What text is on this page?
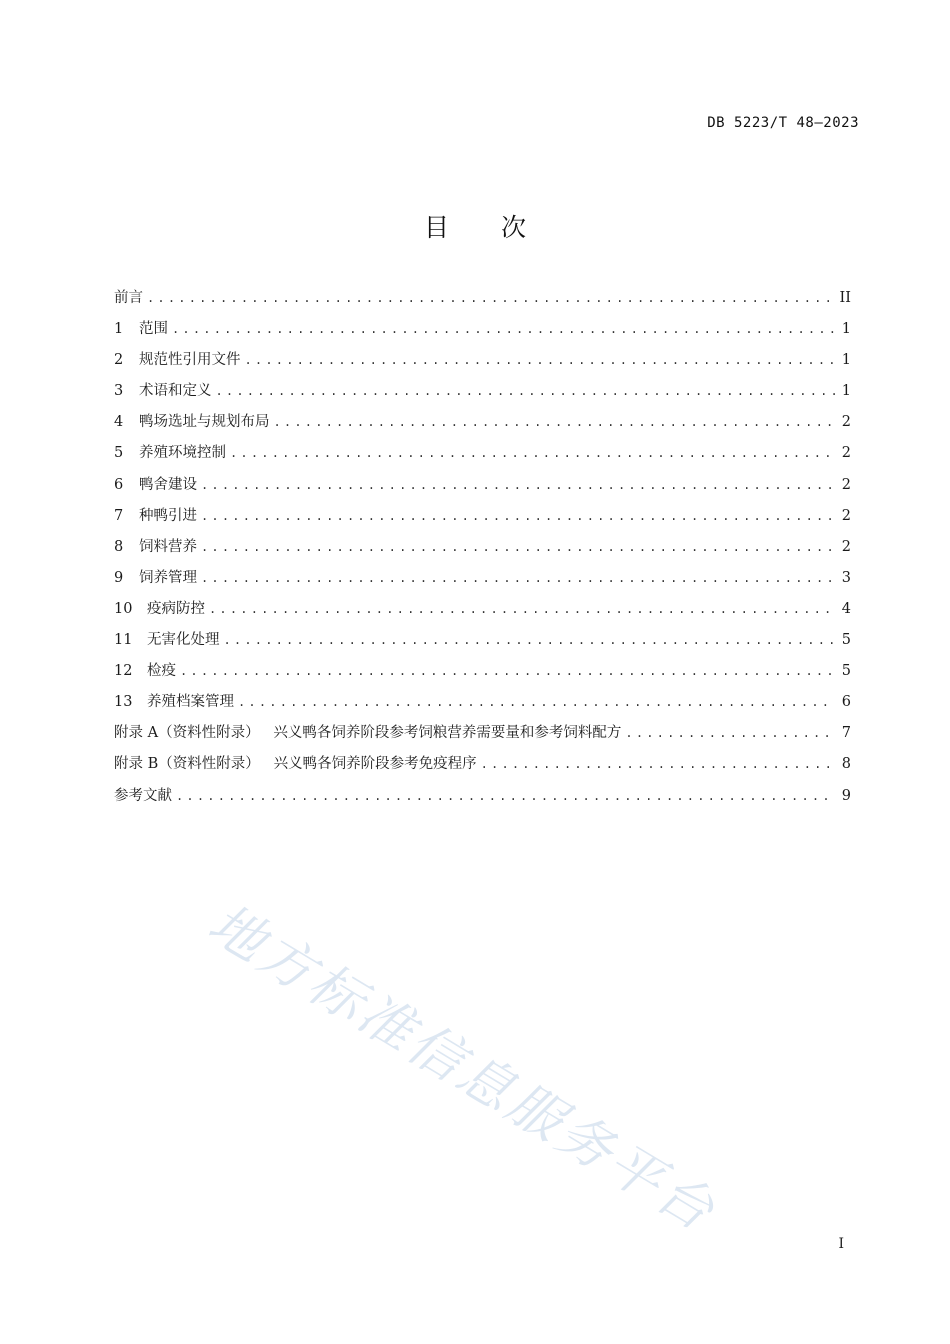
DB 5223/T 48—2023
目 次
前言 .....	II
1	范围 .....	1
2	规范性引用文件 .....	1
3	术语和定义 .....	1
4	鸭场选址与规划布局 .....	2
5	养殖环境控制 .....	2
6	鸭舍建设 .....	2
7	种鸭引进 .....	2
8	饲料营养 .....	2
9	饲养管理 .....	3
10	疫病防控 .....	4
11	无害化处理 .....	5
12	检疫 .....	5
13	养殖档案管理 .....	6
附录 A（资料性附录）   兴义鸭各饲养阶段参考饲粮营养需要量和参考饲料配方 .....	7
附录 B（资料性附录）   兴义鸭各饲养阶段参考免疫程序 .....	8
参考文献 .....	9
地方标准信息服务平台	I
